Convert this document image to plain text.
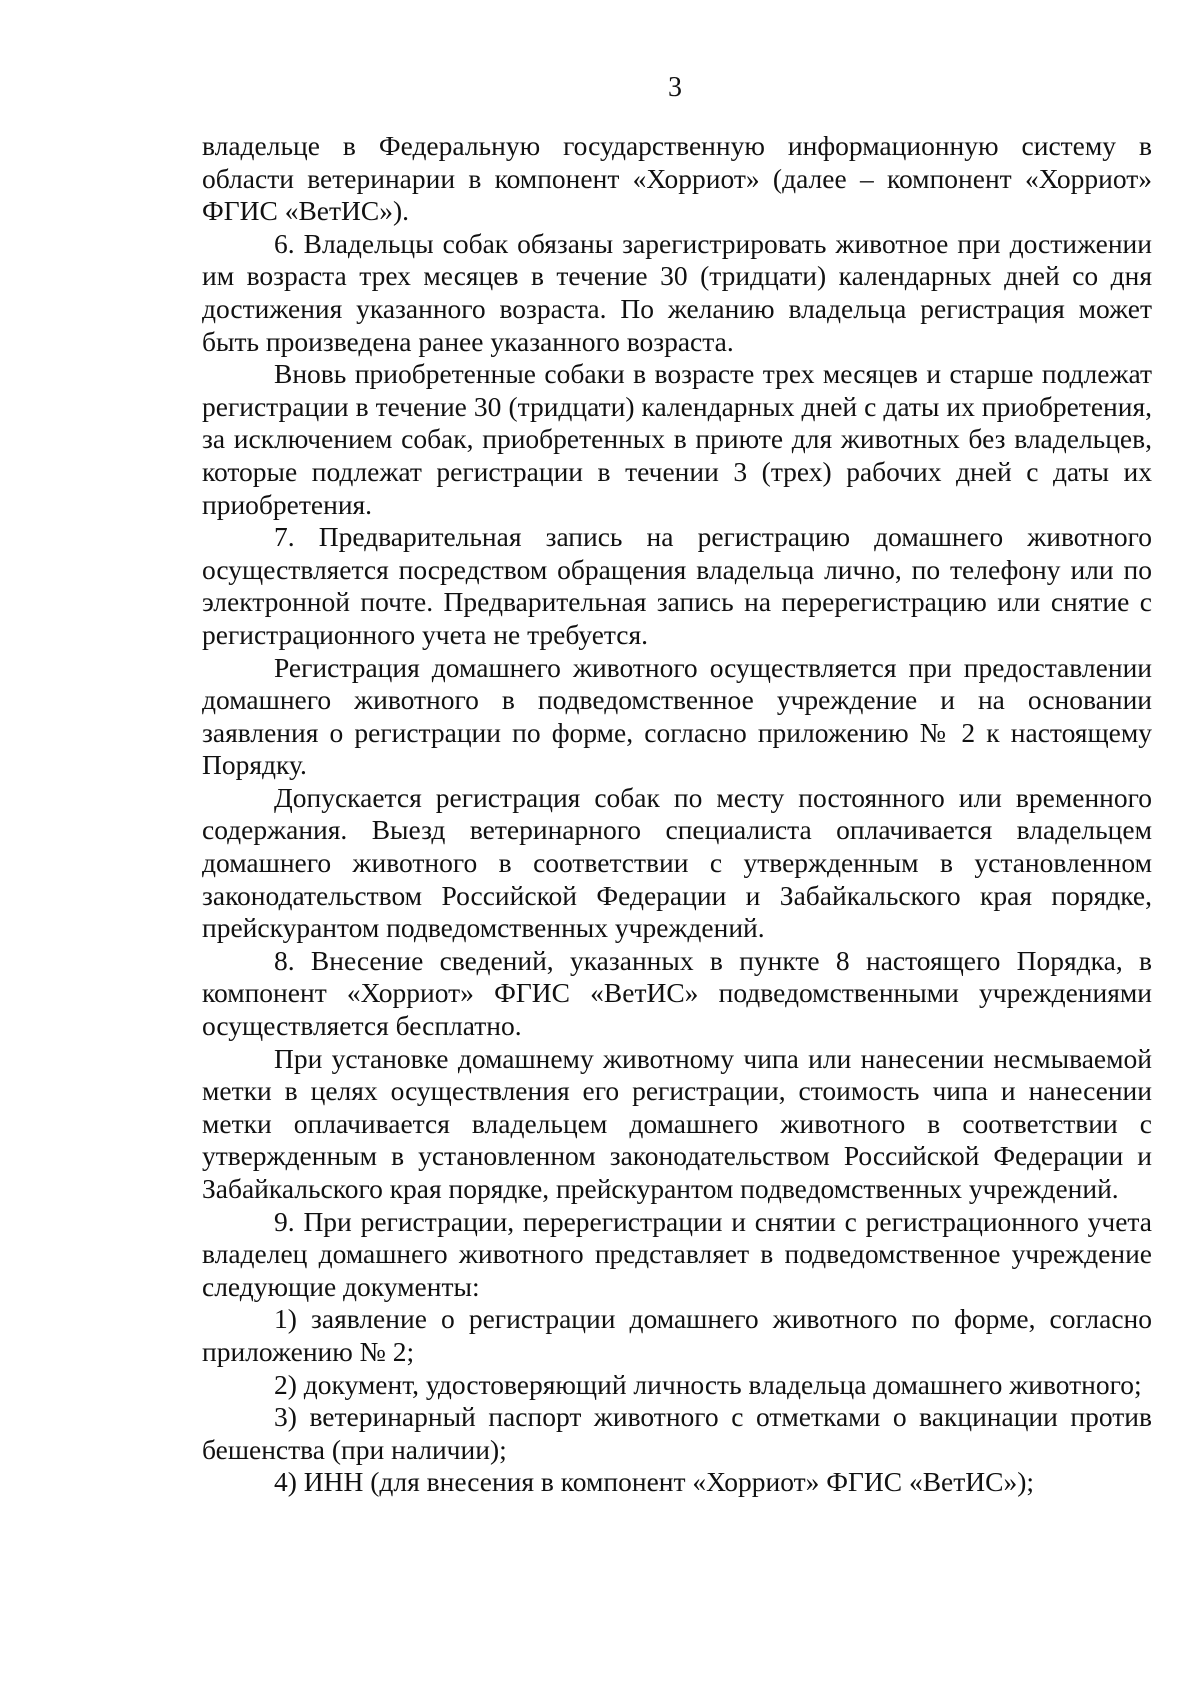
3

владельце в Федеральную государственную информационную систему в области ветеринарии в компонент «Хорриот» (далее – компонент «Хорриот» ФГИС «ВетИС»).

6. Владельцы собак обязаны зарегистрировать животное при достижении им возраста трех месяцев в течение 30 (тридцати) календарных дней со дня достижения указанного возраста. По желанию владельца регистрация может быть произведена ранее указанного возраста.

Вновь приобретенные собаки в возрасте трех месяцев и старше подлежат регистрации в течение 30 (тридцати) календарных дней с даты их приобретения, за исключением собак, приобретенных в приюте для животных без владельцев, которые подлежат регистрации в течении 3 (трех) рабочих дней с даты их приобретения.

7. Предварительная запись на регистрацию домашнего животного осуществляется посредством обращения владельца лично, по телефону или по электронной почте. Предварительная запись на перерегистрацию или снятие с регистрационного учета не требуется.

Регистрация домашнего животного осуществляется при предоставлении домашнего животного в подведомственное учреждение и на основании заявления о регистрации по форме, согласно приложению № 2 к настоящему Порядку.

Допускается регистрация собак по месту постоянного или временного содержания. Выезд ветеринарного специалиста оплачивается владельцем домашнего животного в соответствии с утвержденным в установленном законодательством Российской Федерации и Забайкальского края порядке, прейскурантом подведомственных учреждений.

8. Внесение сведений, указанных в пункте 8 настоящего Порядка, в компонент «Хорриот» ФГИС «ВетИС» подведомственными учреждениями осуществляется бесплатно.

При установке домашнему животному чипа или нанесении несмываемой метки в целях осуществления его регистрации, стоимость чипа и нанесении метки оплачивается владельцем домашнего животного в соответствии с утвержденным в установленном законодательством Российской Федерации и Забайкальского края порядке, прейскурантом подведомственных учреждений.

9. При регистрации, перерегистрации и снятии с регистрационного учета владелец домашнего животного представляет в подведомственное учреждение следующие документы:

1) заявление о регистрации домашнего животного по форме, согласно приложению № 2;

2) документ, удостоверяющий личность владельца домашнего животного;

3) ветеринарный паспорт животного с отметками о вакцинации против бешенства (при наличии);

4) ИНН (для внесения в компонент «Хорриот» ФГИС «ВетИС»);
